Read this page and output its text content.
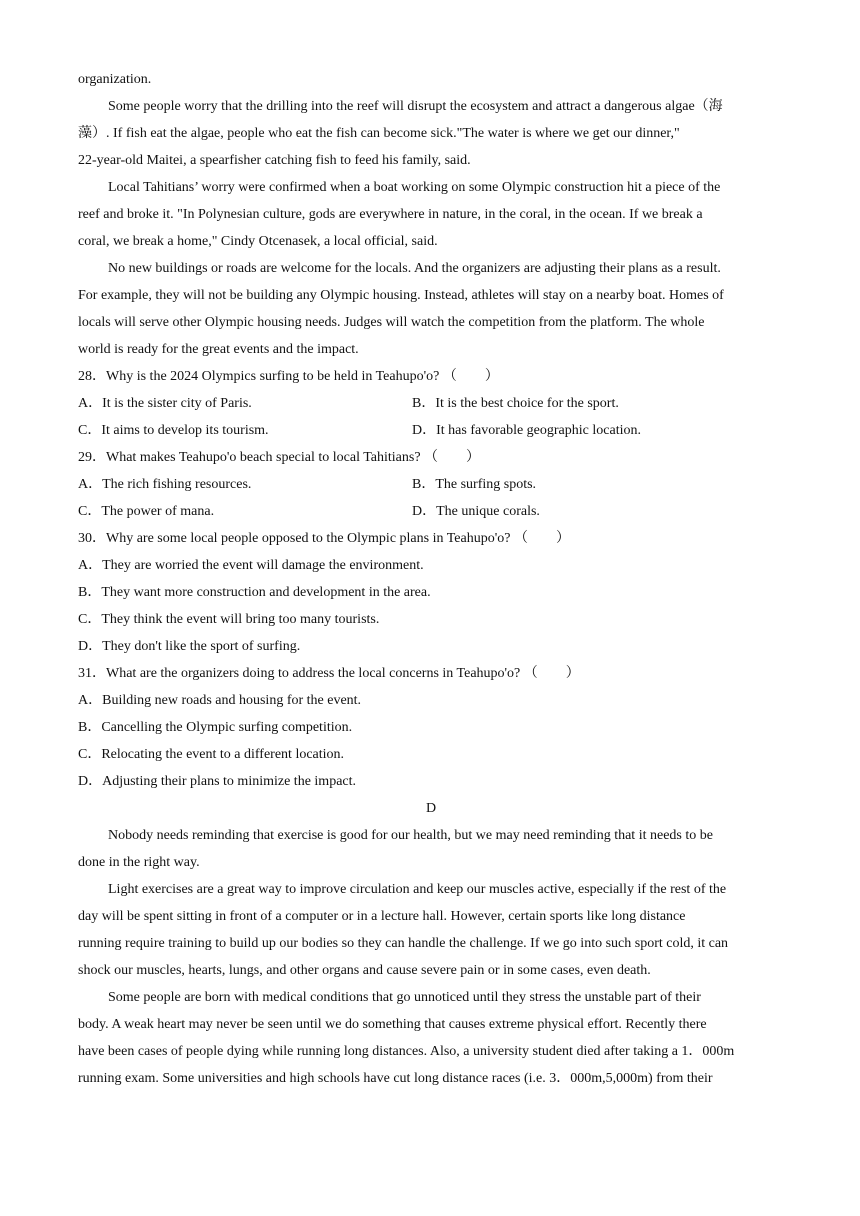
organization.
Some people worry that the drilling into the reef will disrupt the ecosystem and attract a dangerous algae（海
藻）. If fish eat the algae, people who eat the fish can become sick."The water is where we get our dinner,"
22-year-old Maitei, a spearfisher catching fish to feed his family, said.
Local Tahitians’ worry were confirmed when a boat working on some Olympic construction hit a piece of the
reef and broke it. "In Polynesian culture, gods are everywhere in nature, in the coral, in the ocean. If we break a
coral, we break a home," Cindy Otcenasek, a local official, said.
No new buildings or roads are welcome for the locals. And the organizers are adjusting their plans as a result.
For example, they will not be building any Olympic housing. Instead, athletes will stay on a nearby boat. Homes of
locals will serve other Olympic housing needs. Judges will watch the competition from the platform. The whole
world is ready for the great events and the impact.
28．Why is the 2024 Olympics surfing to be held in Teahupo'o? （　　）
A．It is the sister city of Paris.	B．It is the best choice for the sport.
C．It aims to develop its tourism.	D．It has favorable geographic location.
29．What makes Teahupo'o beach special to local Tahitians? （　　）
A．The rich fishing resources.	B．The surfing spots.
C．The power of mana.	D．The unique corals.
30．Why are some local people opposed to the Olympic plans in Teahupo'o? （　　）
A．They are worried the event will damage the environment.
B．They want more construction and development in the area.
C．They think the event will bring too many tourists.
D．They don't like the sport of surfing.
31．What are the organizers doing to address the local concerns in Teahupo'o? （　　）
A．Building new roads and housing for the event.
B．Cancelling the Olympic surfing competition.
C．Relocating the event to a different location.
D．Adjusting their plans to minimize the impact.
D
Nobody needs reminding that exercise is good for our health, but we may need reminding that it needs to be
done in the right way.
Light exercises are a great way to improve circulation and keep our muscles active, especially if the rest of the
day will be spent sitting in front of a computer or in a lecture hall. However, certain sports like long distance
running require training to build up our bodies so they can handle the challenge. If we go into such sport cold, it can
shock our muscles, hearts, lungs, and other organs and cause severe pain or in some cases, even death.
Some people are born with medical conditions that go unnoticed until they stress the unstable part of their
body. A weak heart may never be seen until we do something that causes extreme physical effort. Recently there
have been cases of people dying while running long distances. Also, a university student died after taking a 1．000m
running exam. Some universities and high schools have cut long distance races (i.e. 3．000m,5,000m) from their
